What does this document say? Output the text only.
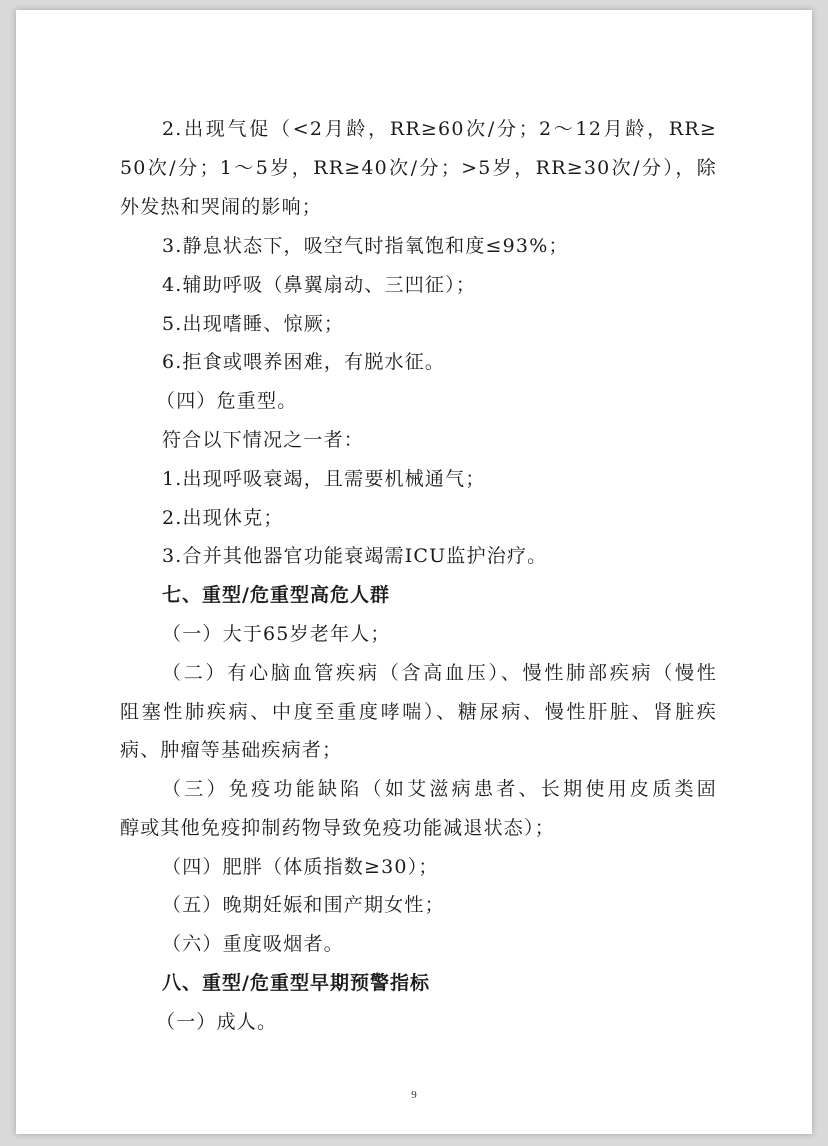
2.出现气促（<2月龄，RR≥60次/分；2～12月龄，RR≥
50次/分；1～5岁，RR≥40次/分；>5岁，RR≥30次/分），除
外发热和哭闹的影响；
3.静息状态下，吸空气时指氧饱和度≤93%；
4.辅助呼吸（鼻翼扇动、三凹征）；
5.出现嗜睡、惊厥；
6.拒食或喂养困难，有脱水征。
（四）危重型。
符合以下情况之一者：
1.出现呼吸衰竭，且需要机械通气；
2.出现休克；
3.合并其他器官功能衰竭需ICU监护治疗。
七、重型/危重型高危人群
（一）大于65岁老年人；
（二）有心脑血管疾病（含高血压）、慢性肺部疾病（慢性
阻塞性肺疾病、中度至重度哮喘）、糖尿病、慢性肝脏、肾脏疾
病、肿瘤等基础疾病者；
（三）免疫功能缺陷（如艾滋病患者、长期使用皮质类固
醇或其他免疫抑制药物导致免疫功能减退状态）；
（四）肥胖（体质指数≥30）；
（五）晚期妊娠和围产期女性；
（六）重度吸烟者。
八、重型/危重型早期预警指标
（一）成人。
9
